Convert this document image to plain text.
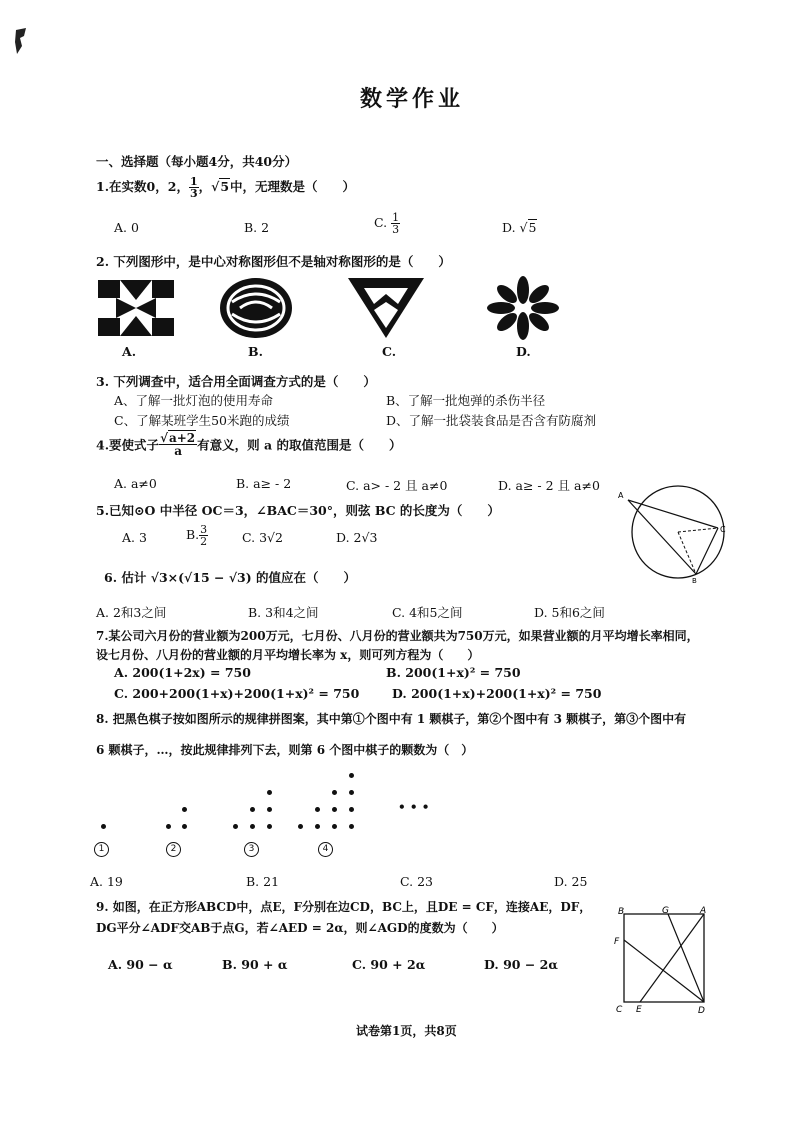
数学作业
一、选择题（每小题4分，共40分）
1.在实数0，2， $\frac{1}{3}$ ，√5中，无理数是（　　）
A. 0	B. 2	C. $\frac{1}{3}$	D. √5
2. 下列图形中，是中心对称图形但不是轴对称图形的是（　　）
A.	B.	C.	D.
3. 下列调查中，适合用全面调查方式的是（　　）
A、了解一批灯泡的使用寿命	B、了解一批炮弹的杀伤半径
C、了解某班学生50米跑的成绩	D、了解一批袋装食品是否含有防腐剂
4.要使式子 $\frac{√a+2}{a}$ 有意义，则 a 的取值范围是（　　）
A. a≠0	B. a≥ - 2	C. a> - 2 且 a≠0	D. a≥ - 2 且 a≠0
5.已知⊙O 中半径 OC＝3，∠BAC＝30°，则弦 BC 的长度为（　　）
A. 3	B. $\frac{3}{2}$	C. 3√2	D. 2√3
A
C
B
6. 估计 √3×(√15 − √3) 的值应在（　　）
A. 2和3之间	B. 3和4之间	C. 4和5之间	D. 5和6之间
7.某公司六月份的营业额为200万元，七月份、八月份的营业额共为750万元，如果营业额的月平均增长率相同，
设七月份、八月份的营业额的月平均增长率为 x，则可列方程为（　　）
A. 200(1+2x) = 750	B. 200(1+x)² = 750
C. 200+200(1+x)+200(1+x)² = 750	D. 200(1+x)+200(1+x)² = 750
8. 把黑色棋子按如图所示的规律拼图案，其中第①个图中有 1 颗棋子，第②个图中有 3 颗棋子，第③个图中有
6 颗棋子，…，按此规律排列下去，则第 6 个图中棋子的颗数为（　）
• • •
1	2	3	4
A. 19	B. 21	C. 23	D. 25
9. 如图，在正方形ABCD中，点E，F分别在边CD，BC上，且DE = CF，连接AE，DF，
DG平分∠ADF交AB于点G，若∠AED = 2α，则∠AGD的度数为（　　）
A. 90 − α	B. 90 + α	C. 90 + 2α	D. 90 − 2α
B	G	A
F
C E	D
试卷第1页，共8页
